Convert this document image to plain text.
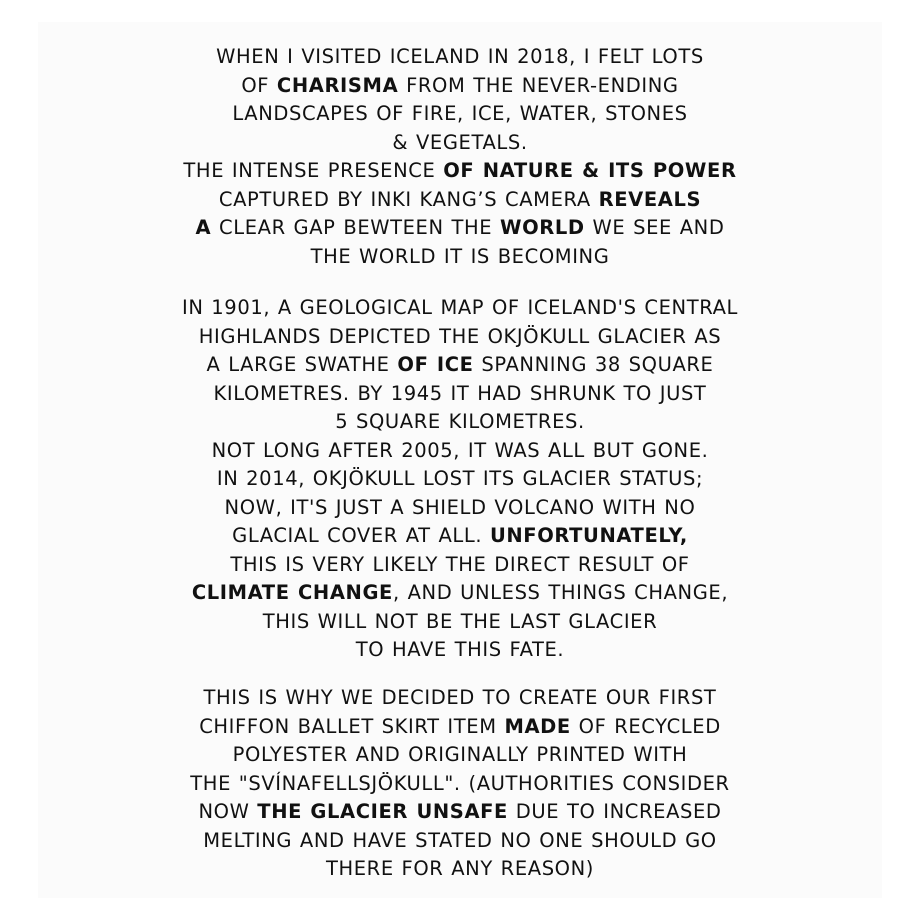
WHEN I VISITED ICELAND IN 2018, I FELT LOTS
OF CHARISMA FROM THE NEVER-ENDING
LANDSCAPES OF FIRE, ICE, WATER, STONES
& VEGETALS.
THE INTENSE PRESENCE OF NATURE & ITS POWER
CAPTURED BY INKI KANG’S CAMERA REVEALS
A CLEAR GAP BEWTEEN THE WORLD WE SEE AND
THE WORLD IT IS BECOMING
IN 1901, A GEOLOGICAL MAP OF ICELAND'S CENTRAL
HIGHLANDS DEPICTED THE OKJÖKULL GLACIER AS
A LARGE SWATHE OF ICE SPANNING 38 SQUARE
KILOMETRES. BY 1945 IT HAD SHRUNK TO JUST
5 SQUARE KILOMETRES.
NOT LONG AFTER 2005, IT WAS ALL BUT GONE.
IN 2014, OKJÖKULL LOST ITS GLACIER STATUS;
NOW, IT'S JUST A SHIELD VOLCANO WITH NO
GLACIAL COVER AT ALL. UNFORTUNATELY,
THIS IS VERY LIKELY THE DIRECT RESULT OF
CLIMATE CHANGE, AND UNLESS THINGS CHANGE,
THIS WILL NOT BE THE LAST GLACIER
TO HAVE THIS FATE.
THIS IS WHY WE DECIDED TO CREATE OUR FIRST
CHIFFON BALLET SKIRT ITEM MADE OF RECYCLED
POLYESTER AND ORIGINALLY PRINTED WITH
THE "SVÍNAFELLSJÖKULL". (AUTHORITIES CONSIDER
NOW THE GLACIER UNSAFE DUE TO INCREASED
MELTING AND HAVE STATED NO ONE SHOULD GO
THERE FOR ANY REASON)
